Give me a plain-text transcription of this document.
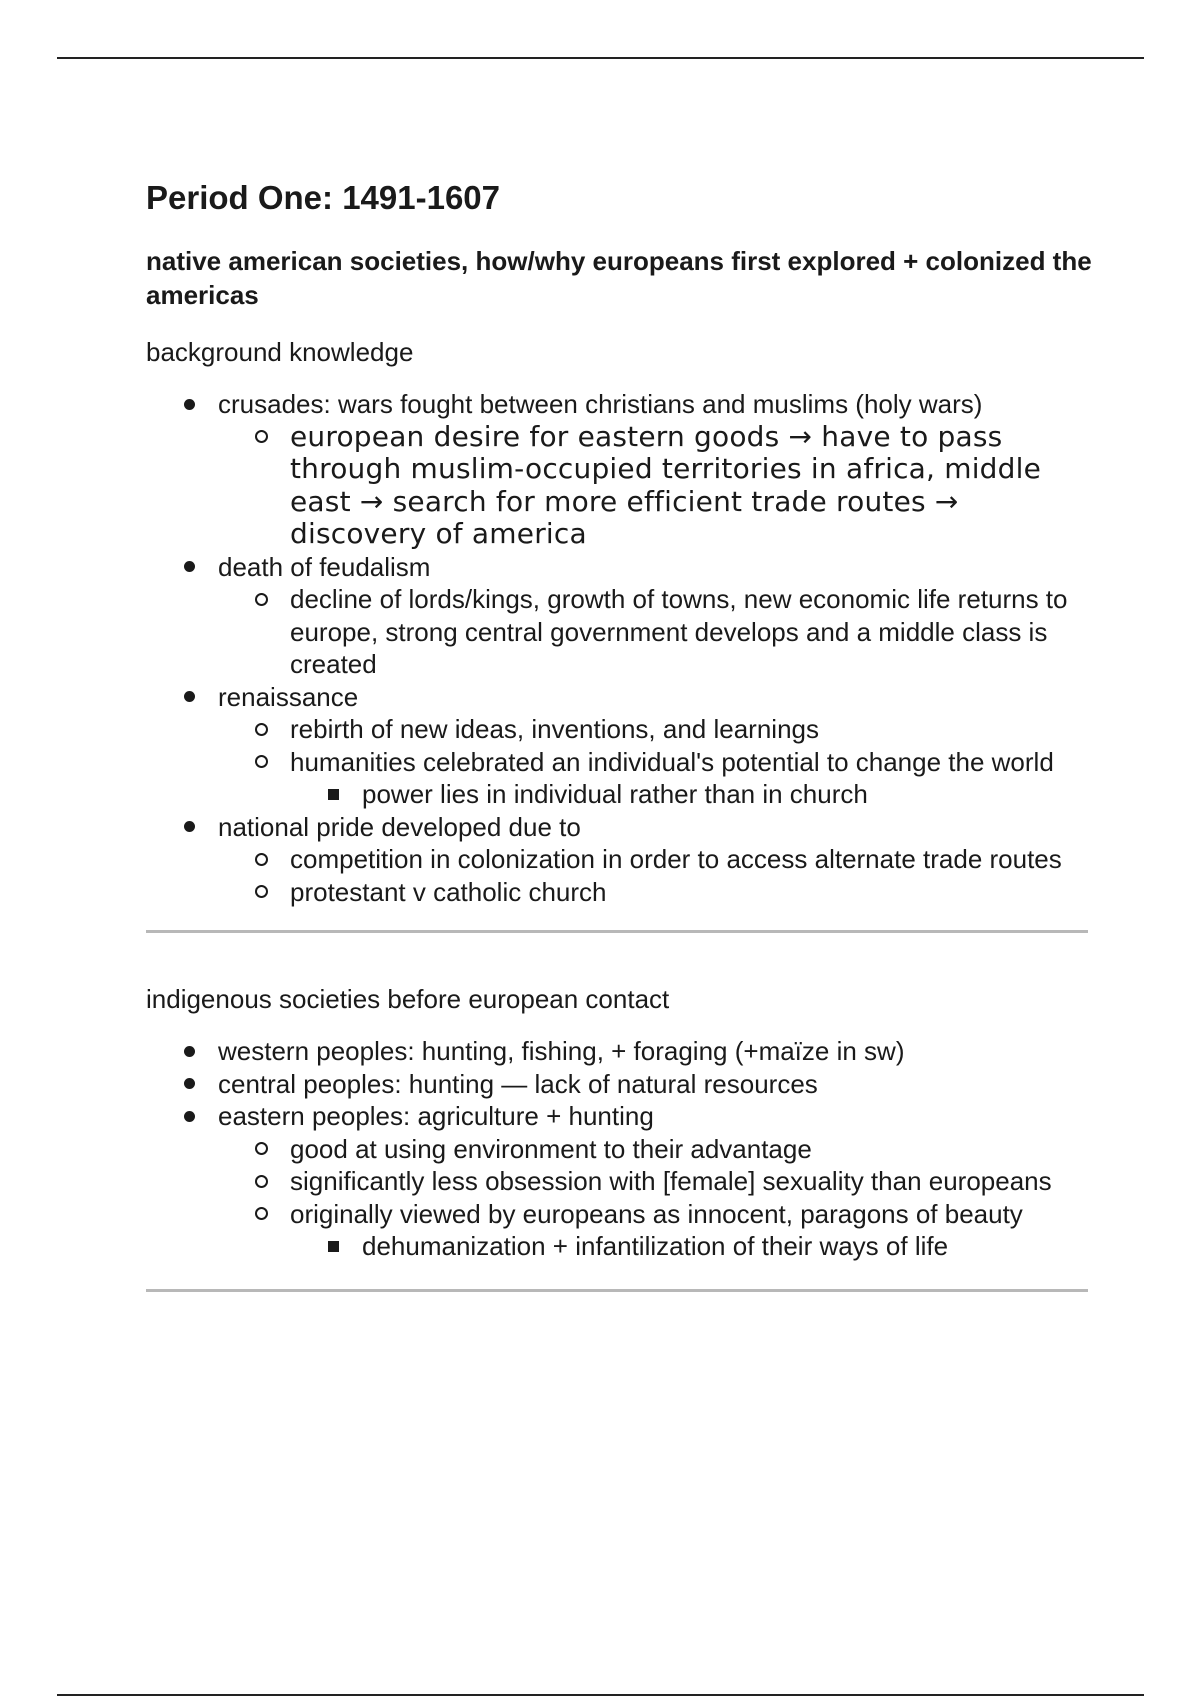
Period One: 1491-1607
native american societies, how/why europeans first explored + colonized the americas
background knowledge
crusades: wars fought between christians and muslims (holy wars)
european desire for eastern goods → have to pass through muslim-occupied territories in africa, middle east → search for more efficient trade routes → discovery of america
death of feudalism
decline of lords/kings, growth of towns, new economic life returns to europe, strong central government develops and a middle class is created
renaissance
rebirth of new ideas, inventions, and learnings
humanities celebrated an individual's potential to change the world
power lies in individual rather than in church
national pride developed due to
competition in colonization in order to access alternate trade routes
protestant v catholic church
indigenous societies before european contact
western peoples: hunting, fishing, + foraging (+maïze in sw)
central peoples: hunting — lack of natural resources
eastern peoples: agriculture + hunting
good at using environment to their advantage
significantly less obsession with [female] sexuality than europeans
originally viewed by europeans as innocent, paragons of beauty
dehumanization + infantilization of their ways of life
